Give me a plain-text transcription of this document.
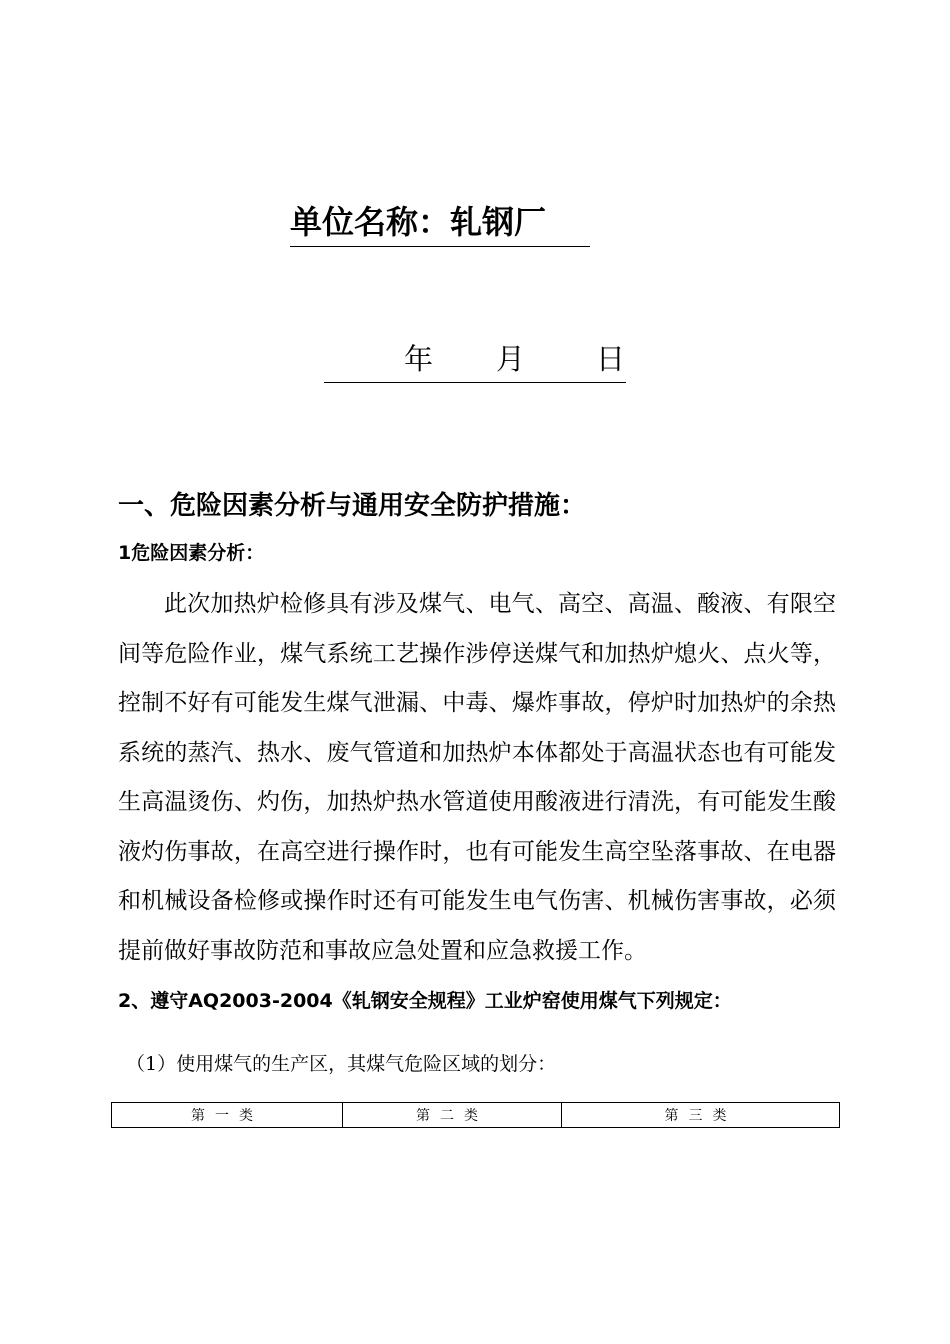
单位名称：轧钢厂
年 月 日
一、危险因素分析与通用安全防护措施：
1危险因素分析：

此次加热炉检修具有涉及煤气、电气、高空、高温、酸液、有限空间等危险作业，煤气系统工艺操作涉停送煤气和加热炉熄火、点火等，控制不好有可能发生煤气泄漏、中毒、爆炸事故，停炉时加热炉的余热系统的蒸汽、热水、废气管道和加热炉本体都处于高温状态也有可能发生高温烫伤、灼伤，加热炉热水管道使用酸液进行清洗，有可能发生酸液灼伤事故，在高空进行操作时，也有可能发生高空坠落事故、在电器和机械设备检修或操作时还有可能发生电气伤害、机械伤害事故，必须提前做好事故防范和事故应急处置和应急救援工作。

2、遵守AQ2003-2004《轧钢安全规程》工业炉窑使用煤气下列规定：
（1）使用煤气的生产区，其煤气危险区域的划分：
第一类	第二类	第三类
